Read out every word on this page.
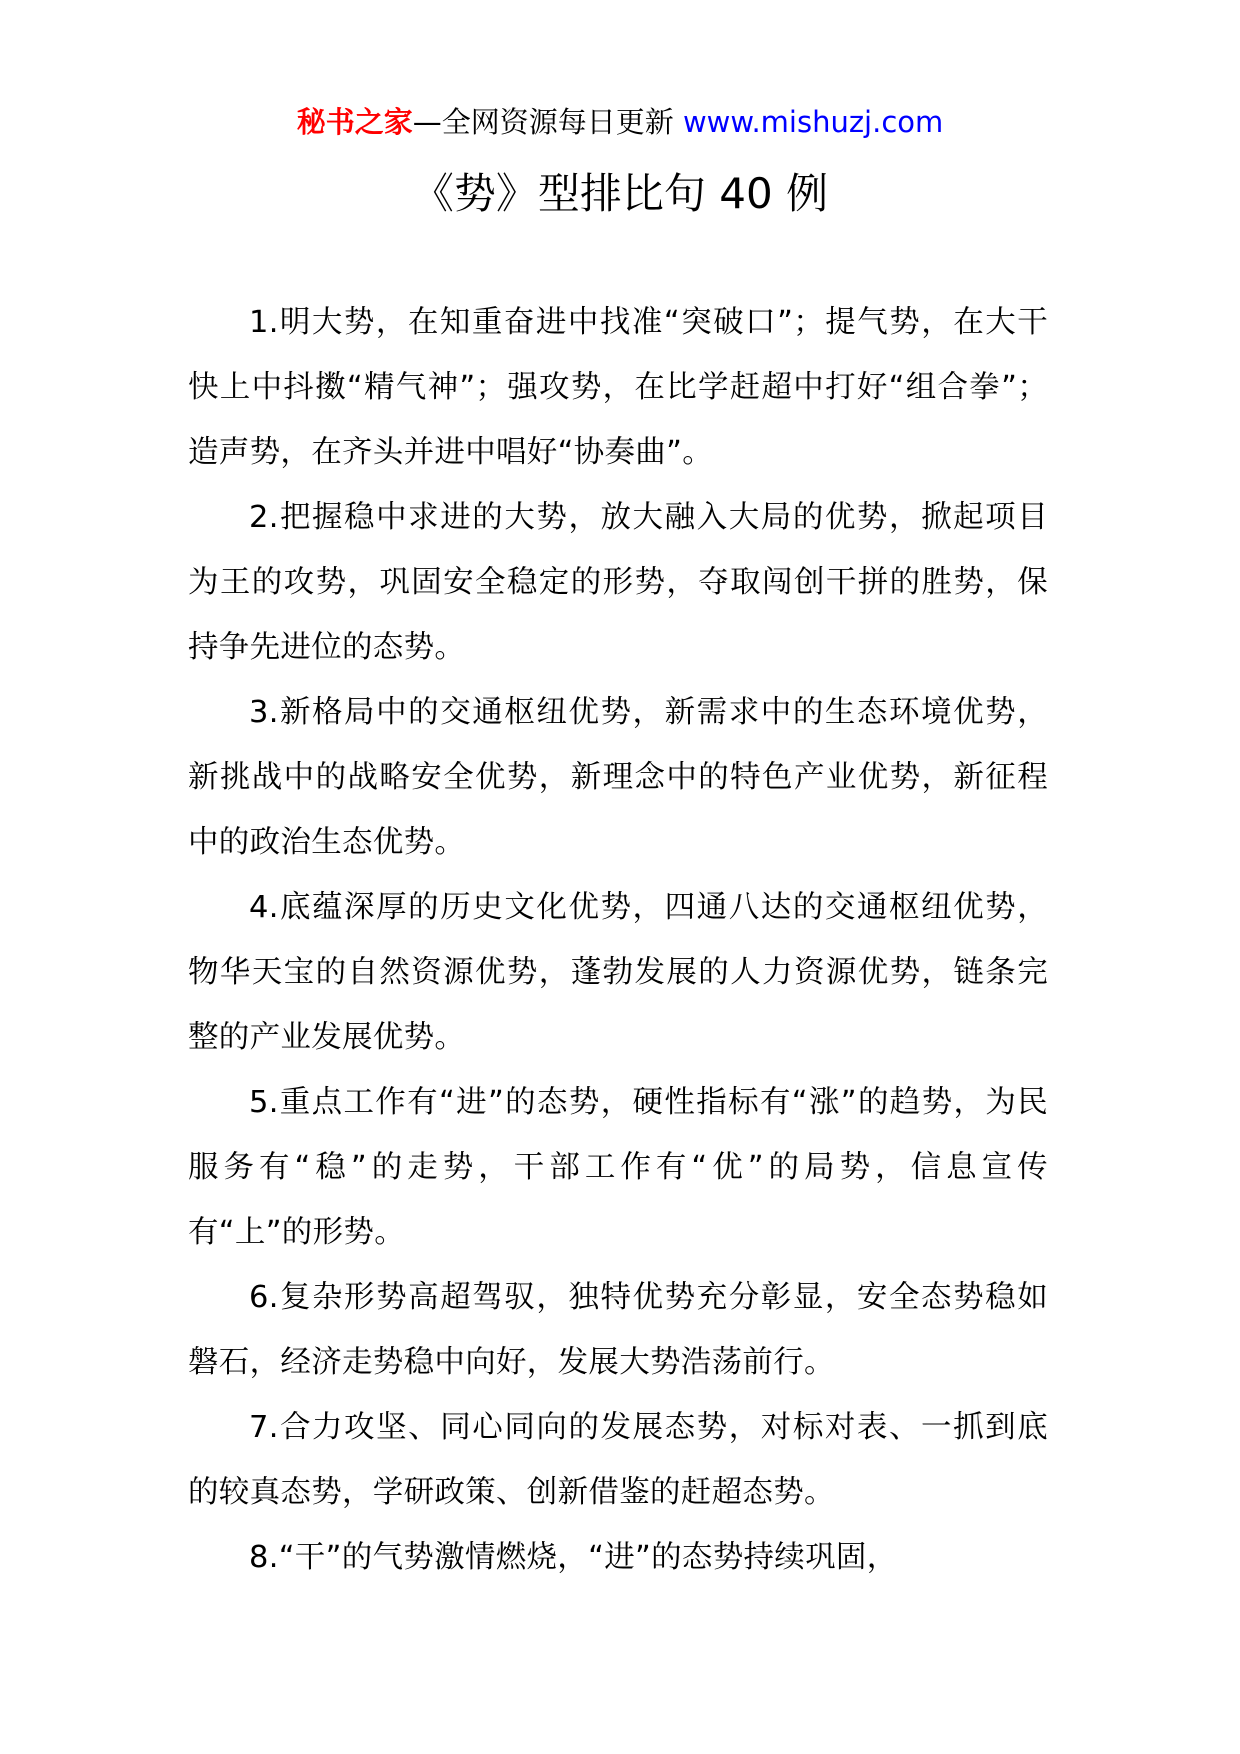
秘书之家—全网资源每日更新 www.mishuzj.com
《势》型排比句 40 例

1.明大势，在知重奋进中找准“突破口”；提气势，在大干快上中抖擞“精气神”；强攻势，在比学赶超中打好“组合拳”；造声势，在齐头并进中唱好“协奏曲”。

2.把握稳中求进的大势，放大融入大局的优势，掀起项目为王的攻势，巩固安全稳定的形势，夺取闯创干拼的胜势，保持争先进位的态势。

3.新格局中的交通枢纽优势，新需求中的生态环境优势，新挑战中的战略安全优势，新理念中的特色产业优势，新征程中的政治生态优势。

4.底蕴深厚的历史文化优势，四通八达的交通枢纽优势，物华天宝的自然资源优势，蓬勃发展的人力资源优势，链条完整的产业发展优势。

5.重点工作有“进”的态势，硬性指标有“涨”的趋势，为民服务有“稳”的走势，干部工作有“优”的局势，信息宣传有“上”的形势。

6.复杂形势高超驾驭，独特优势充分彰显，安全态势稳如磐石，经济走势稳中向好，发展大势浩荡前行。

7.合力攻坚、同心同向的发展态势，对标对表、一抓到底的较真态势，学研政策、创新借鉴的赶超态势。

8.“干”的气势激情燃烧，“进”的态势持续巩固，
